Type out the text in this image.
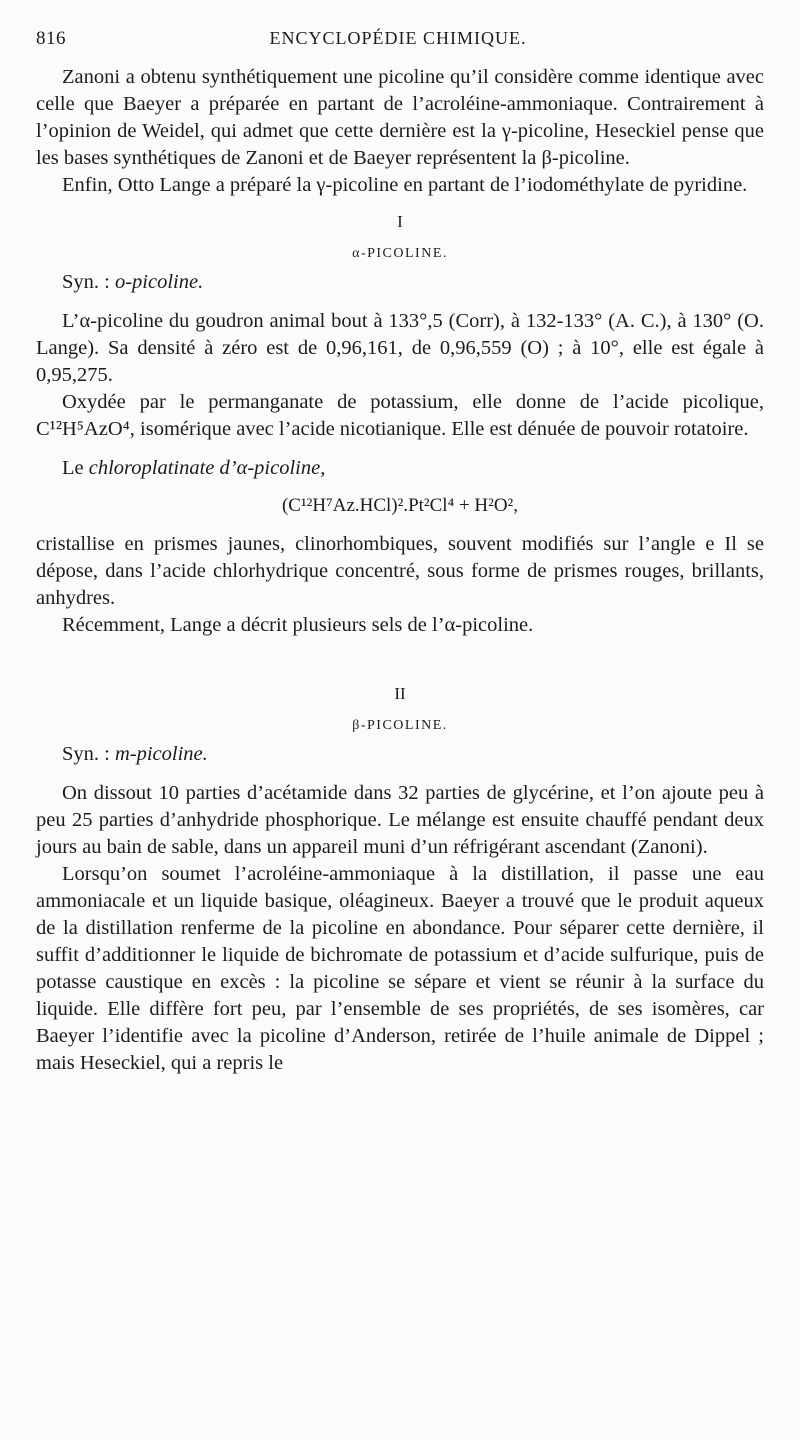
816	ENCYCLOPÉDIE CHIMIQUE.

Zanoni a obtenu synthétiquement une picoline qu’il considère comme identique avec celle que Baeyer a préparée en partant de l’acroléine-ammoniaque. Contrairement à l’opinion de Weidel, qui admet que cette dernière est la γ-picoline, Heseckiel pense que les bases synthétiques de Zanoni et de Baeyer représentent la β-picoline.

Enfin, Otto Lange a préparé la γ-picoline en partant de l’iodométhylate de pyridine.

I
α-PICOLINE.

Syn. : o-picoline.

L’α-picoline du goudron animal bout à 133°,5 (Corr), à 132-133° (A. C.), à 130° (O. Lange). Sa densité à zéro est de 0,96,161, de 0,96,559 (O) ; à 10°, elle est égale à 0,95,275.

Oxydée par le permanganate de potassium, elle donne de l’acide picolique, C¹²H⁵AzO⁴, isomérique avec l’acide nicotianique. Elle est dénuée de pouvoir rotatoire.

Le chloroplatinate d’α-picoline,

(C¹²H⁷Az.HCl)².Pt²Cl⁴ + H²O²,

cristallise en prismes jaunes, clinorhombiques, souvent modifiés sur l’angle e Il se dépose, dans l’acide chlorhydrique concentré, sous forme de prismes rouges, brillants, anhydres.

Récemment, Lange a décrit plusieurs sels de l’α-picoline.

II
β-PICOLINE.

Syn. : m-picoline.

On dissout 10 parties d’acétamide dans 32 parties de glycérine, et l’on ajoute peu à peu 25 parties d’anhydride phosphorique. Le mélange est ensuite chauffé pendant deux jours au bain de sable, dans un appareil muni d’un réfrigérant ascendant (Zanoni).

Lorsqu’on soumet l’acroléine-ammoniaque à la distillation, il passe une eau ammoniacale et un liquide basique, oléagineux. Baeyer a trouvé que le produit aqueux de la distillation renferme de la picoline en abondance. Pour séparer cette dernière, il suffit d’additionner le liquide de bichromate de potassium et d’acide sulfurique, puis de potasse caustique en excès : la picoline se sépare et vient se réunir à la surface du liquide. Elle diffère fort peu, par l’ensemble de ses propriétés, de ses isomères, car Baeyer l’identifie avec la picoline d’Anderson, retirée de l’huile animale de Dippel ; mais Heseckiel, qui a repris le
